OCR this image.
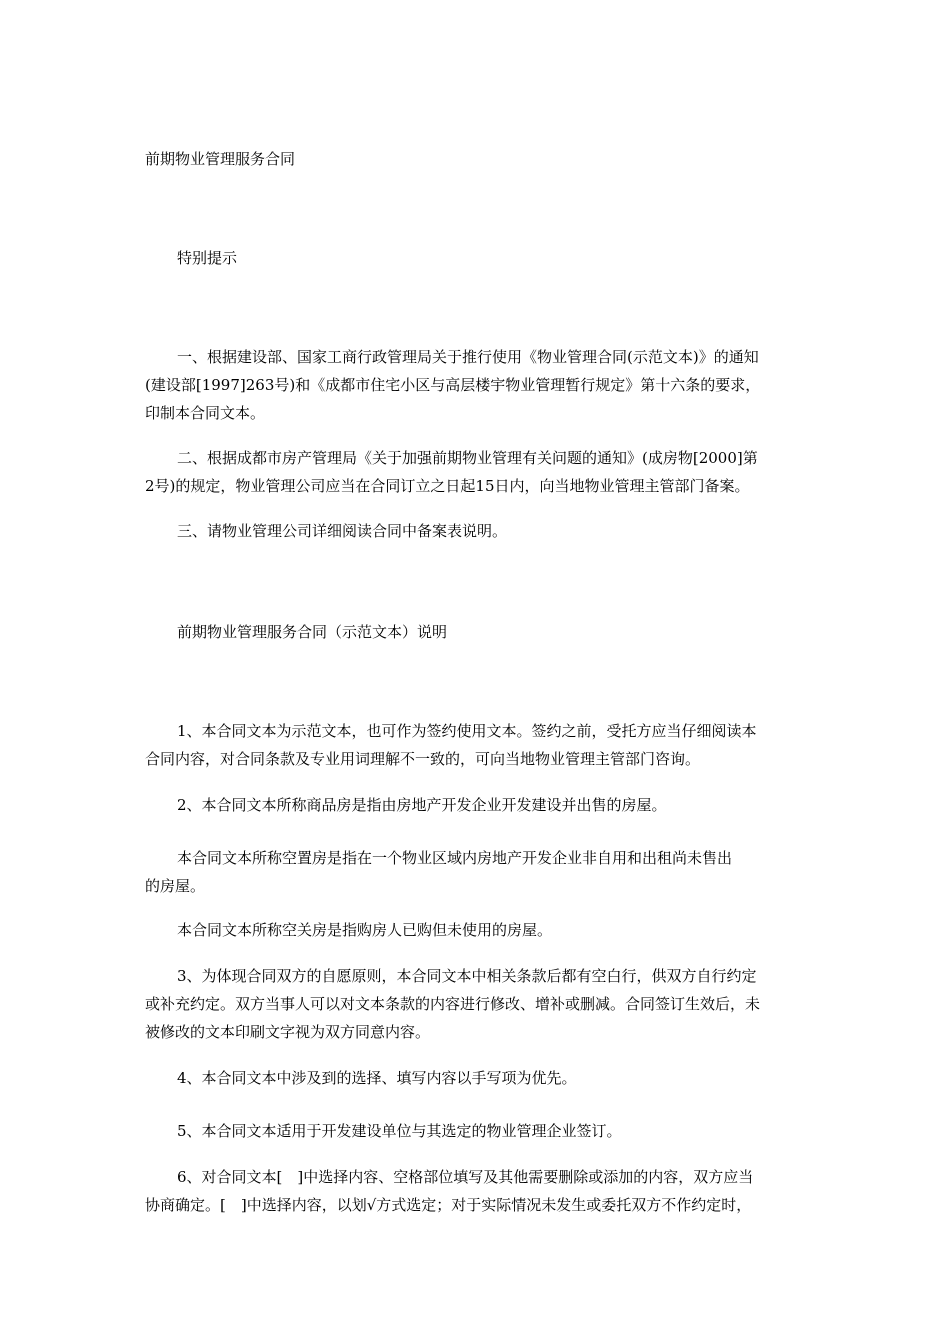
前期物业管理服务合同
特别提示
一、根据建设部、国家工商行政管理局关于推行使用《物业管理合同(示范文本)》的通知
(建设部[1997]263号)和《成都市住宅小区与高层楼宇物业管理暂行规定》第十六条的要求，
印制本合同文本。
二、根据成都市房产管理局《关于加强前期物业管理有关问题的通知》(成房物[2000]第
2号)的规定，物业管理公司应当在合同订立之日起15日内，向当地物业管理主管部门备案。
三、请物业管理公司详细阅读合同中备案表说明。
前期物业管理服务合同（示范文本）说明
1、本合同文本为示范文本，也可作为签约使用文本。签约之前，受托方应当仔细阅读本
合同内容，对合同条款及专业用词理解不一致的，可向当地物业管理主管部门咨询。
2、本合同文本所称商品房是指由房地产开发企业开发建设并出售的房屋。
本合同文本所称空置房是指在一个物业区域内房地产开发企业非自用和出租尚未售出
的房屋。
本合同文本所称空关房是指购房人已购但未使用的房屋。
3、为体现合同双方的自愿原则，本合同文本中相关条款后都有空白行，供双方自行约定
或补充约定。双方当事人可以对文本条款的内容进行修改、增补或删减。合同签订生效后，未
被修改的文本印刷文字视为双方同意内容。
4、本合同文本中涉及到的选择、填写内容以手写项为优先。
5、本合同文本适用于开发建设单位与其选定的物业管理企业签订。
6、对合同文本[　]中选择内容、空格部位填写及其他需要删除或添加的内容，双方应当
协商确定。[　]中选择内容，以划√方式选定；对于实际情况未发生或委托双方不作约定时，
